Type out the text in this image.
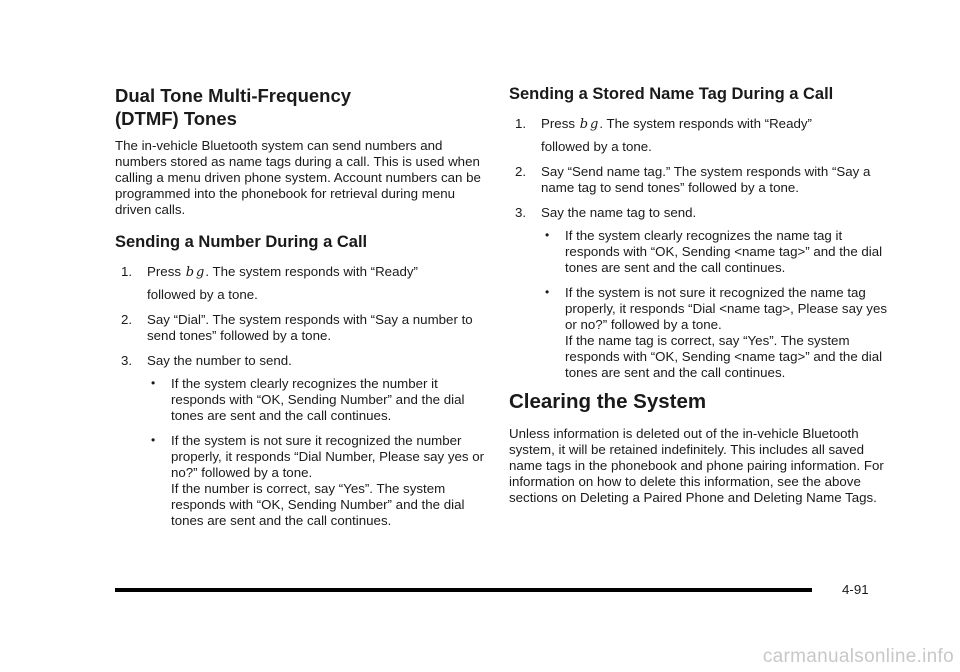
Dual Tone Multi-Frequency
(DTMF) Tones

The in-vehicle Bluetooth system can send numbers and numbers stored as name tags during a call. This is used when calling a menu driven phone system. Account numbers can be programmed into the phonebook for retrieval during menu driven calls.

Sending a Number During a Call
1. Press b g. The system responds with “Ready”
followed by a tone.
2. Say “Dial”. The system responds with “Say a number to send tones” followed by a tone.
3. Say the number to send.
• If the system clearly recognizes the number it responds with “OK, Sending Number” and the dial tones are sent and the call continues.
• If the system is not sure it recognized the number properly, it responds “Dial Number, Please say yes or no?” followed by a tone.
If the number is correct, say “Yes”. The system responds with “OK, Sending Number” and the dial tones are sent and the call continues.
Sending a Stored Name Tag During a Call
1. Press b g. The system responds with “Ready”
followed by a tone.
2. Say “Send name tag.” The system responds with “Say a name tag to send tones” followed by a tone.
3. Say the name tag to send.
• If the system clearly recognizes the name tag it responds with “OK, Sending <name tag>” and the dial tones are sent and the call continues.
• If the system is not sure it recognized the name tag properly, it responds “Dial <name tag>, Please say yes or no?” followed by a tone.
If the name tag is correct, say “Yes”. The system responds with “OK, Sending <name tag>” and the dial tones are sent and the call continues.
Clearing the System

Unless information is deleted out of the in-vehicle Bluetooth system, it will be retained indefinitely. This includes all saved name tags in the phonebook and phone pairing information. For information on how to delete this information, see the above sections on Deleting a Paired Phone and Deleting Name Tags.

4-91
carmanualsonline.info
